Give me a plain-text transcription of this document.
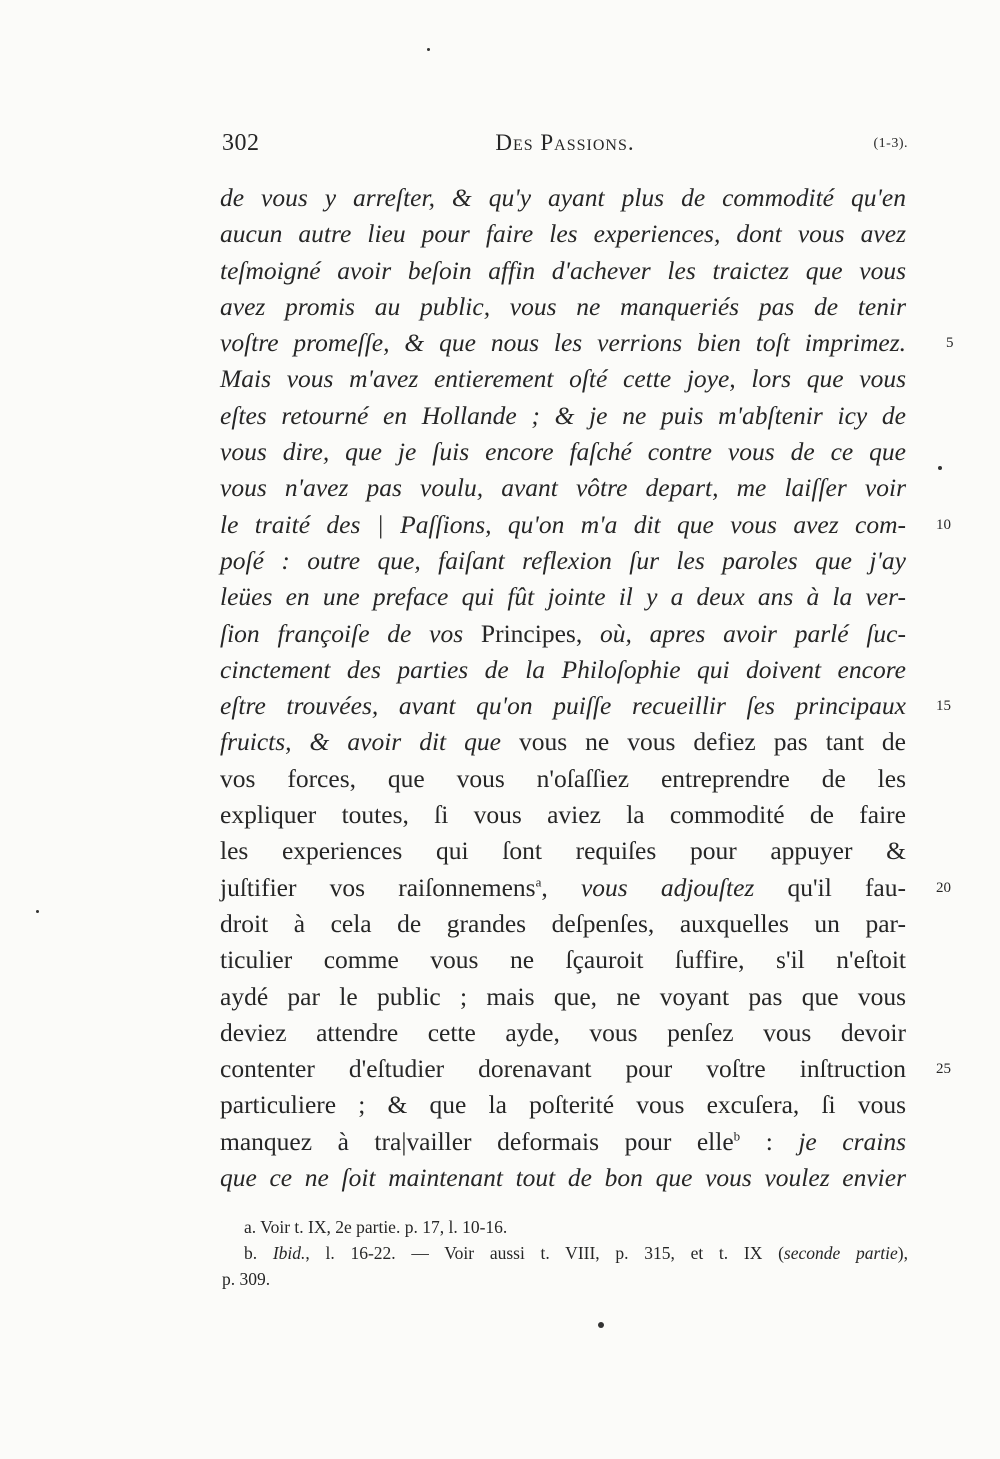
302	Des Passions.	(1-3).
de vous y arreſter, & qu'y ayant plus de commodité qu'en
aucun autre lieu pour faire les experiences, dont vous avez
teſmoigné avoir beſoin affin d'achever les traictez que vous
avez promis au public, vous ne manqueriés pas de tenir
voſtre promeſſe, & que nous les verrions bien toſt imprimez.	5
Mais vous m'avez entierement oſté cette joye, lors que vous
eſtes retourné en Hollande ; & je ne puis m'abſtenir icy de
vous dire, que je ſuis encore faſché contre vous de ce que
vous n'avez pas voulu, avant vôtre depart, me laiſſer voir
le traité des | Paſſions, qu'on m'a dit que vous avez com- 10
poſé : outre que, faiſant reflexion ſur les paroles que j'ay
leües en une preface qui fût jointe il y a deux ans à la ver-
ſion françoiſe de vos Principes, où, apres avoir parlé ſuc-
cinctement des parties de la Philoſophie qui doivent encore
eſtre trouvées, avant qu'on puiſſe recueillir ſes principaux 15
fruicts, & avoir dit que vous ne vous defiez pas tant de
vos forces, que vous n'oſaſſiez entreprendre de les
expliquer toutes, ſi vous aviez la commodité de faire
les experiences qui ſont requiſes pour appuyer &
juſtifier vos raiſonnemens$^a$, vous adjouſtez qu'il fau- 20
droit à cela de grandes deſpenſes, auxquelles un par-
ticulier comme vous ne ſçauroit ſuffire, s'il n'eſtoit
aydé par le public ; mais que, ne voyant pas que vous
deviez attendre cette ayde, vous penſez vous devoir
contenter d'eſtudier dorenavant pour voſtre inſtruction 25
particuliere ; & que la poſterité vous excuſera, ſi vous
manquez à tra|vailler deformais pour elle$^b$ : je crains
que ce ne ſoit maintenant tout de bon que vous voulez envier
a. Voir t. IX, 2e partie. p. 17, l. 10-16.
b. Ibid., l. 16-22. — Voir aussi t. VIII, p. 315, et t. IX (seconde partie),
p. 309.
